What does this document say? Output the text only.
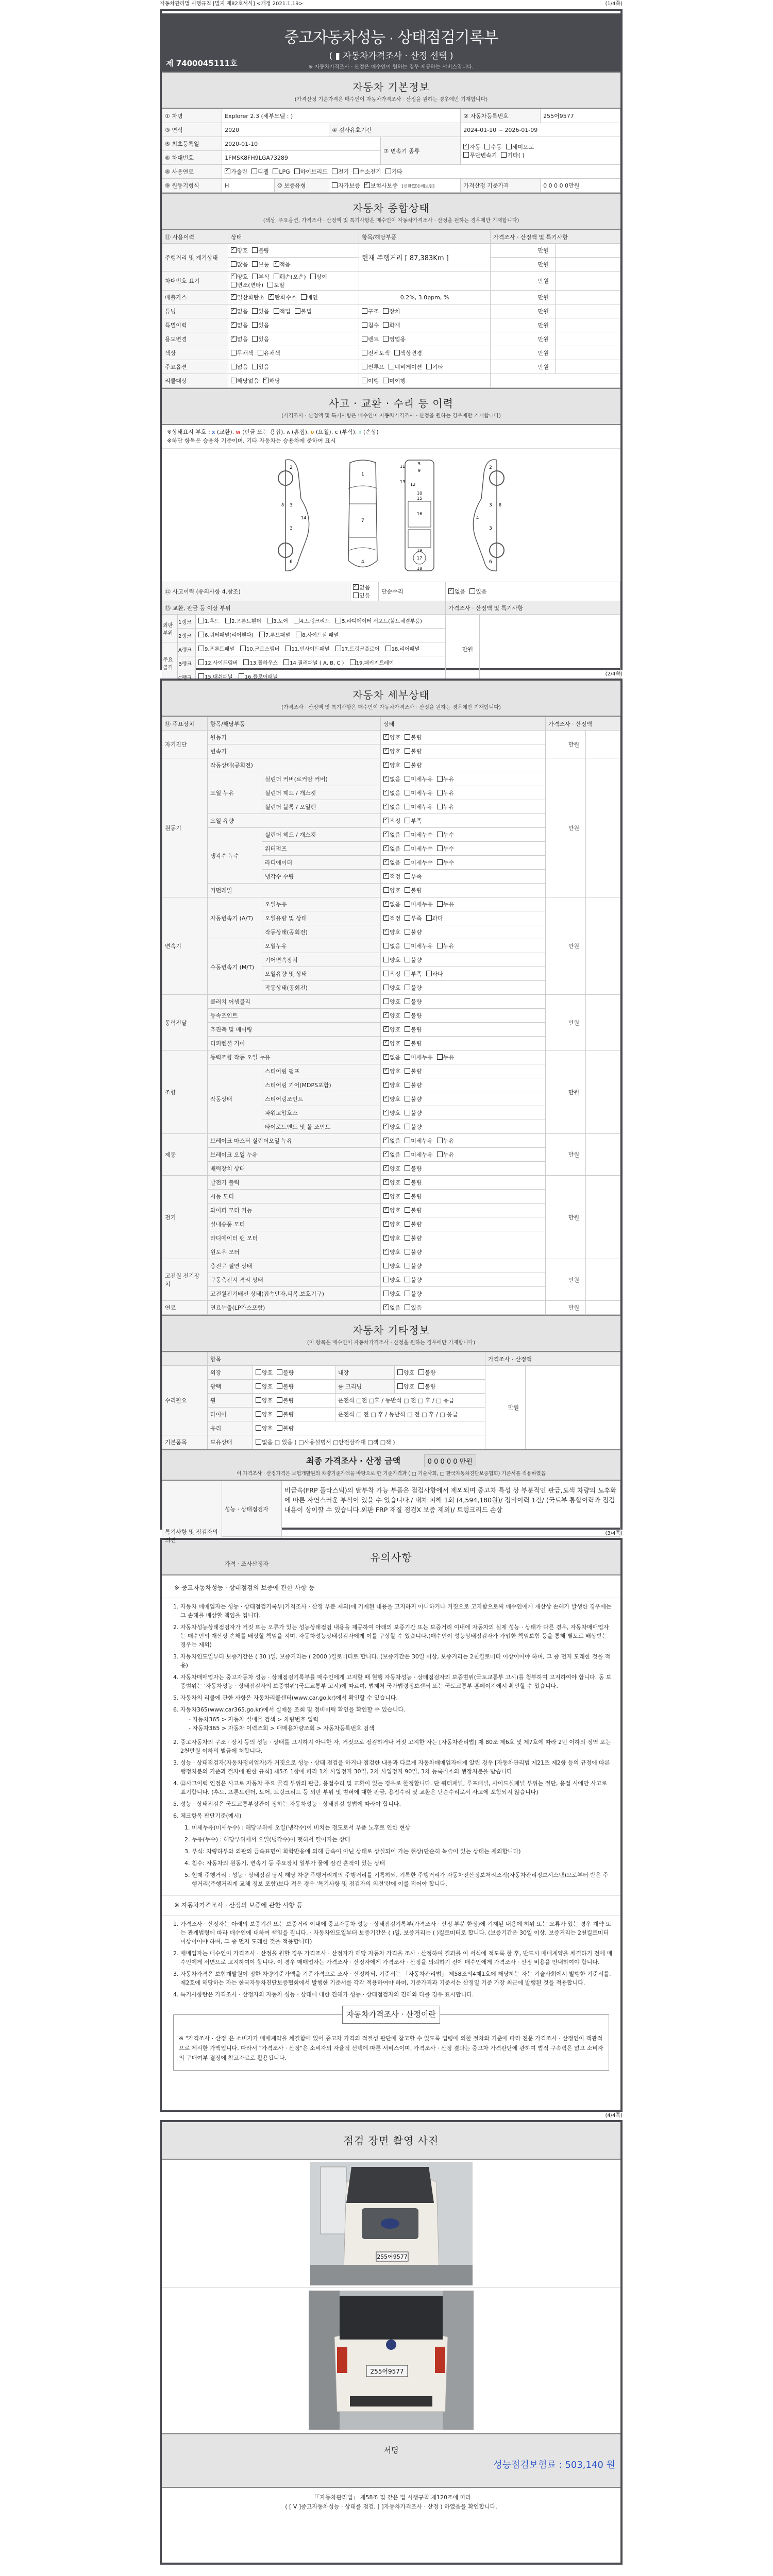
자동차관리법 시행규칙 [별지 제82호서식] <개정 2021.1.19>	(1/4쪽)
중고자동차성능 · 상태점검기록부
( ▮ 자동차가격조사 · 산정 선택 )
※ 자동차가격조사 · 산정은 매수인이 원하는 경우 제공하는 서비스입니다.
제 7400045111호
자동차 기본정보
(가격산정 기준가격은 매수인이 자동차가격조사 · 산정을 원하는 경우에만 기재합니다)
① 차명	Explorer 2.3 (세부모델 : )				② 자동차등록번호	255어9577
③ 연식	2020		④ 검사유효기간		2024-01-10 ~ 2026-01-09	
⑤ 최초등록일	2020-01-10			⑦ 변속기 종류	✓자동 수동 세미오토
무단변속기 기타( )
⑥ 차대번호	1FMSK8FH9LGA73289					
⑧ 사용연료	✓가솔린 디젤 LPG 하이브리드 전기 수소전기 기타
⑨ 원동기형식	H	⑩ 보증유형	자가보증 ✓ 보험사보증 [신한EZ손해보험]		가격산정 기준가격	0 0 0 0 0만원
자동차 종합상태
(색상, 주요옵션, 가격조사 · 산정액 및 특기사항은 매수인이 자동차가격조사 · 산정을 원하는 경우에만 기재합니다)
⑪ 사용이력	상태	항목/해당부품	가격조사 · 산정액 및 특기사항	
주행거리 및 계기상태	✓양호 불량	현재 주행거리 [ 87,383Km ]	만원	
	많음 보통 ✓ 적음		만원	
차대번호 표기	✓양호 부식 훼손(오손) 상이변조(변타) 도말		만원	
배출가스	✓일산화탄소 ✓ 탄화수소 매연	0.2%, 3.0ppm, %	만원	
튜닝	✓없음 있음 적법 불법	구조 장치	만원	
특별이력	✓없음 있음	침수 화재	만원	
용도변경	✓없음 있음	렌트 영업용	만원	
색상	무채색 유채색	전체도색 색상변경	만원	
주요옵션	없음 있음	썬루프 네비게이션 기타	만원	
리콜대상	해당없음 ✓ 해당	이행 미이행		
사고 · 교환 · 수리 등 이력
(가격조사 · 산정액 및 특기사항은 매수인이 자동차가격조사 · 산정을 원하는 경우에만 기재합니다)
※상태표시 부호 : X (교환), W (판금 또는 용접), A (흠집), U (요철), C (부식), T (손상)
※하단 항목은 승용차 기준이며, 기타 자동차는 승용차에 준하여 표시
2
3
3
6
8
14
1
7
4
5
9
10
15
16
17
18
19
11
12
13
2
3
3
6
8
4
⑫ 사고이력 (유의사항 4.참조)	✓없음있음	단순수리	✓없음 있음
⑬ 교환, 판금 등 이상 부위					가격조사 · 산정액 및 특기사항	
외판 부위	1랭크	1.후드 2.프론트휀더 3.도어 4.트렁크리드 5.라디에이터 서포트(볼트체결부품)			만원	
	2랭크	6.쿼터패널(리어휀다) 7.루브패널 8.사이드실 패널				
주요 골격	A랭크	9.프론트패널 10.크로스멤버 11.인사이드패널 17.트렁크플로어 18.리어패널				
	B랭크	12.사이드멤버 13.휠하우스 14.필러패널 ( A, B, C ) 19.패키지트레이				
	C랭크	15.대쉬패널 16.플로어패널					(2/4쪽)
자동차 세부상태
(가격조사 · 산정액 및 특기사항은 매수인이 자동차가격조사 · 산정을 원하는 경우에만 기재합니다)
⑭ 주요장치	항목/해당부품		상태	가격조사 · 산정액	
자기진단	원동기	✓양호 불량	만원	
	변속기	✓양호 불량
원동기	작동상태(공회전)	✓양호 불량	만원	
	오일 누유	실린더 커버(로커암 커버)	✓없음 미세누유 누유
		실린더 헤드 / 개스킷	✓없음 미세누유 누유
		실린더 블록 / 오일팬	✓없음 미세누유 누유
	오일 유량	✓적정 부족
	냉각수 누수	실린더 헤드 / 개스킷	✓없음 미세누수 누수
		워터펌프	✓없음 미세누수 누수
		라디에이터	✓없음 미세누수 누수
		냉각수 수량	✓적정 부족
	커먼레일		양호 불량		
변속기	자동변속기 (A/T)	오일누유	✓없음 미세누유 누유	만원	
		오일유량 및 상태	✓적정 부족 과다
		작동상태(공회전)	✓양호 불량
	수동변속기 (M/T)	오일누유	없음 미세누유 누유		
		기어변속장치	양호 불량		
		오일유량 및 상태	적정 부족 과다		
		작동상태(공회전)	양호 불량		
동력전달	클러치 어셈블리		양호 불량	만원	
	등속조인트	✓양호 불량
	추진축 및 베어링	✓양호 불량
	디퍼렌셜 기어	✓양호 불량
조향	동력조향 작동 오일 누유	✓없음 미세누유 누유	만원	
	작동상태	스티어링 펌프	✓양호 불량
		스티어링 기어(MDPS포함)	✓양호 불량
		스티어링조인트	✓양호 불량
		파워고압호스	✓양호 불량
		타이로드엔드 및 볼 조인트	✓양호 불량
제동	브레이크 마스터 실린더오일 누유	✓없음 미세누유 누유	만원	
	브레이크 오일 누유	✓없음 미세누유 누유
	배력장치 상태	✓양호 불량
전기	발전기 출력	✓양호 불량	만원	
	시동 모터	✓양호 불량
	와이퍼 모터 기능	✓양호 불량
	실내송풍 모터	✓양호 불량
	라디에이터 팬 모터	✓양호 불량
	윈도우 모터	✓양호 불량
고전원 전기장치	충전구 절연 상태		양호 불량	만원	
	구동축전지 격리 상태		양호 불량		
	고전원전기배선 상태(접속단자,피복,보호기구)		양호 불량		
연료	연료누출(LP가스포함)	✓없음 있음	만원	
자동차 기타정보
(이 항목은 매수인이 자동차가격조사 · 산정을 원하는 경우에만 기재합니다)
	항목				가격조사 · 산정액	
수리필요	외장	양호 불량	내장	양호 불량	만원	
	광택	양호 불량	룸 크리닝	양호 불량		
	휠	양호 불량	운전석 □전 □후 / 동반석 □ 전 □ 후 / □ 응급			
	타이어	양호 불량	운전석 □ 전 □ 후 / 동반석 □ 전 □ 후 / □ 응급			
	유리	양호 불량				
기본품목	보유상태	없음 □ 있음 ( □사용설명서 □안전삼각대 □잭 □잭 )				
최종 가격조사 · 산정 금액	0 0 0 0 0 만원
이 가격조사 · 산정가격은 보험개발원의 차량기준가액을 바탕으로 한 기준가격과 ( □ 기술사회, □ 한국자동차진단보증협회) 기준서를 적용하였음
특기사항 및 점검자의 의견	성능 · 상태점검자	비금속(FRP 플라스틱)의 탈부착 가능 부품은 점검사항에서 제외되며 중고차 특성 상 부분적인 판금,도색 차량의 노후화에 따른 자연스러운 부식이 있을 수 있습니다./ 내차 피해 1회 (4,594,180원)/ 정비이력 1건/ (국토부 통합이력과 점검내용이 상이할 수 있습니다.외판 FRP 재질 점검X 보증 제외)/ 트렁크리드 손상
	가격 · 조사산정자	
(3/4쪽)
유의사항
※ 중고자동차성능 · 상태점검의 보증에 관한 사항 등
1. 자동차 매매업자는 성능 · 상태점검기록부(가격조사 · 산정 부분 제외)에 기재된 내용을 고지하지 아니하거나 거짓으로 고지함으로써 매수인에게 재산상 손해가 발생한 경우에는 그 손해를 배상할 책임을 집니다.
2. 자동차성능상태점검자가 거짓 또는 오류가 있는 성능상태점검 내용을 제공하여 아래의 보증기간 또는 보증거리 이내에 자동차의 실제 성능 · 상태가 다른 경우, 자동차매매업자는 매수인의 재산상 손해를 배상할 책임을 지며, 자동차성능상태점검자에게 이를 구상할 수 있습니다.(매수인이 성능상태점검자가 가입한 책임보험 등을 통해 별도로 배상받는 경우는 제외)
3. 자동차인도일부터 보증기간은 ( 30 )일, 보증거리는 ( 2000 )킬로미터로 합니다. (보증기간은 30일 이상, 보증거리는 2천킬로미터 이상이어야 하며, 그 중 먼저 도래한 것을 적용)
4. 자동차매매업자는 중고자동차 성능 · 상태점검기록부를 매수인에게 고지할 때 현행 자동차성능 · 상태점검자의 보증범위(국토교통부 고시)를 첨부하여 고지하여야 합니다. 동 보증범위는 '자동차성능 · 상태점검자의 보증범위'(국토교통부 고시)에 따르며, 법제처 국가법령정보센터 또는 국토교통부 홈페이지에서 확인할 수 있습니다.
5. 자동차의 리콜에 관한 사항은 자동차리콜센터(www.car.go.kr)에서 확인할 수 있습니다.
6. 자동차365(www.car365.go.kr)에서 실매물 조회 및 정비이력 확인을 확인할 수 있습니다.
- 자동차365 > 자동차 실매물 검색 > 차량번호 입력
- 자동차365 > 자동차 이력조회 > 매매용차량조회 > 자동차등록번호 검색
2. 중고자동차의 구조 · 장치 등의 성능 · 상태를 고지하지 아니한 자, 거짓으로 점검하거나 거짓 고지한 자는 [자동차관리법] 제 80조 제6호 및 제7호에 따라 2년 이하의 징역 또는 2천만원 이하의 벌금에 처합니다.
3. 성능 · 상태점검자(자동차정비업자)가 거짓으로 성능 · 상태 점검을 하거나 점검한 내용과 다르게 자동차매매업자에게 알린 경우 [자동차관리법 제21조 제2항 등의 규정에 따른 행정처분의 기준과 절차에 관한 규칙] 제5조 1항에 따라 1차 사업정지 30일, 2차 사업정지 90일, 3차 등록취소의 행정처분을 받습니다.
4. ⑫사고이력 인정은 사고로 자동차 주요 골격 부위의 판금, 용접수리 및 교환이 있는 경우로 한정합니다. 단 쿼터패널, 루프패널, 사이드실패널 부위는 절단, 용접 시에만 사고로 표기합니다. (후드, 프론트펜더, 도어, 트렁크리드 등 외판 부위 및 범퍼에 대한 판금, 용접수리 및 교환은 단순수리로서 사고에 포함되지 않습니다)
5. 성능 · 상태점검은 국토교통부장관이 정하는 자동차성능 · 상태점검 방법에 따라야 합니다.
6. 체크항목 판단기준(예시)
1. 미세누유(미세누수) : 해당부위에 오일(냉각수)이 비치는 정도로서 부품 노후로 인한 현상
2. 누유(누수) : 해당부위에서 오일(냉각수)이 맺혀서 떨어지는 상태
3. 부식: 차량하부와 외판의 금속표면이 화학반응에 의해 금속이 아닌 상태로 상실되어 가는 현상(단순히 녹슬어 있는 상태는 제외합니다)
4. 침수: 자동차의 원동기, 변속기 등 주요장치 일부가 물에 잠긴 흔적이 있는 상태
5. 현재 주행거리 : 성능 · 상태점검 당시 해당 차량 주행거리계의 주행거리를 기록하되, 기록한 주행거리가 자동차전산정보처리조직(자동차관리정보시스템)으로부터 받은 주행거리(주행거리계 교체 정보 포함)보다 적은 경우 '특기사항 및 점검자의 의견'란에 이를 적어야 합니다.
※ 자동차가격조사 · 산정의 보증에 관한 사항 등
1. 가격조사 · 산정자는 아래의 보증기간 또는 보증거리 이내에 중고자동차 성능 · 상태점검기록부(가격조사 · 산정 부분 한정)에 기재된 내용에 허위 또는 오류가 있는 경우 계약 또는 관계법령에 따라 매수인에 대하여 책임을 집니다. · 자동차인도일부터 보증기간은 ( )일, 보증거리는 ( )킬로미터로 합니다. (보증기간은 30일 이상, 보증거리는 2천킬로미터 이상이어야 하며, 그 중 먼저 도래한 것을 적용합니다)
2. 매매업자는 매수인이 가격조사 · 산정을 원할 경우 가격조사 · 산정자가 해당 자동차 가격을 조사 · 산정하여 결과를 이 서식에 적도록 한 후, 반드시 매매계약을 체결하기 전에 매수인에게 서면으로 고지하여야 합니다. 이 경우 매매업자는 가격조사 · 산정자에게 가격조사 · 산정을 의뢰하기 전에 매수인에게 가격조사 · 산정 비용을 안내하여야 합니다.
3. 자동차가격은 보험개발원이 정한 차량기준가액을 기준가격으로 조사 · 산정하되, 기준서는 「자동차관리법」 제58조의4제1호에 해당하는 자는 기술사회에서 발행한 기준서를, 제2호에 해당하는 자는 한국자동차진단보증협회에서 발행한 기준서를 각각 적용하여야 하며, 기준가격과 기준서는 산정일 기준 가장 최근에 발행된 것을 적용합니다.
4. 특기사항란은 가격조사 · 산정자의 자동차 성능 · 상태에 대한 견해가 성능 · 상태점검자의 견해와 다를 경우 표시합니다.
자동차가격조사 · 산정이란
※ "가격조사 · 산정"은 소비자가 매매계약을 체결함에 있어 중고차 가격의 적절성 판단에 참고할 수 있도록 법령에 의한 절차와 기준에 따라 전문 가격조사 · 산정인이 객관적으로 제시한 가액입니다. 따라서 "가격조사 · 산정"은 소비자의 자율적 선택에 따른 서비스이며, 가격조사 · 산정 결과는 중고차 가격판단에 관하여 법적 구속력은 없고 소비자의 구매여부 결정에 참고자료로 활용됩니다.
(4/4쪽)
점검 장면 촬영 사진
255어9577
255어9577
서명
성능점검보험료 : 503,140 원
「「자동차관리법」 제58조 및 같은 법 시행규칙 제120조에 따라
( [ V ]중고자동차성능 · 상태를 점검, [ ]자동차가격조사 · 산정 ) 하였음을 확인합니다.
